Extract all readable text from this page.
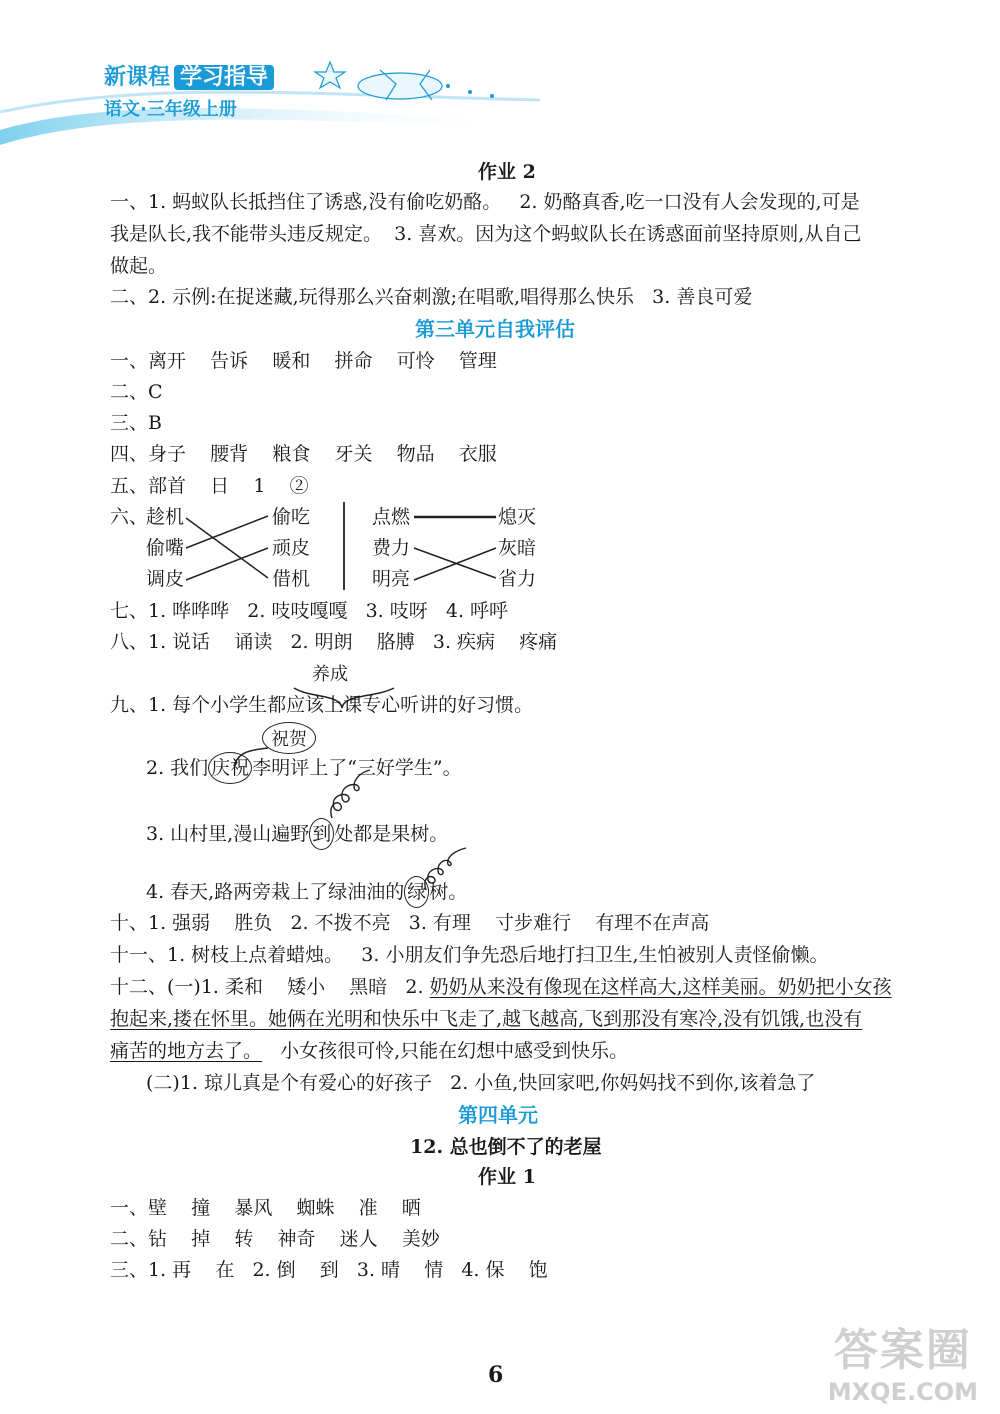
新课程 学习指导
语文·三年级上册
作业 2
一、1. 蚂蚁队长抵挡住了诱惑,没有偷吃奶酪。   2. 奶酪真香,吃一口没有人会发现的,可是
我是队长,我不能带头违反规定。  3. 喜欢。因为这个蚂蚁队长在诱惑面前坚持原则,从自己
做起。
二、2. 示例:在捉迷藏,玩得那么兴奋刺激;在唱歌,唱得那么快乐   3. 善良可爱
第三单元自我评估
一、离开    告诉    暖和    拼命    可怜    管理
二、C
三、B
四、身子    腰背    粮食    牙关    物品    衣服
五、部首    日    1    ②
六、
趁机
偷嘴
调皮
偷吃
顽皮
借机
点燃
费力
明亮
熄灭
灰暗
省力
七、1. 哗哗哗   2. 吱吱嘎嘎   3. 吱呀   4. 呼呼
八、1. 说话    诵读   2. 明朗    胳膊   3. 疾病    疼痛
养成
九、1. 每个小学生都应该上课专心听讲的好习惯。
祝贺
2. 我们 庆祝 李明评上了“三好学生”。
3. 山村里,漫山遍野 到 处都是果树。
4. 春天,路两旁栽上了绿油油的 绿 树。
十、1. 强弱    胜负   2. 不拨不亮   3. 有理    寸步难行    有理不在声高
十一、1. 树枝上点着蜡烛。   3. 小朋友们争先恐后地打扫卫生,生怕被别人责怪偷懒。
十二、(一)1. 柔和    矮小    黑暗   2. 奶奶从来没有像现在这样高大,这样美丽。奶奶把小女孩
抱起来,搂在怀里。她俩在光明和快乐中飞走了,越飞越高,飞到那没有寒冷,没有饥饿,也没有
痛苦的地方去了。   小女孩很可怜,只能在幻想中感受到快乐。
(二)1. 琼儿真是个有爱心的好孩子   2. 小鱼,快回家吧,你妈妈找不到你,该着急了
第四单元
12. 总也倒不了的老屋
作业 1
一、壁    撞    暴风    蜘蛛    准    晒
二、钻    掉    转    神奇    迷人    美妙
三、1. 再    在   2. 倒    到   3. 晴    情   4. 保    饱
6	答案圈
MXQE.COM
